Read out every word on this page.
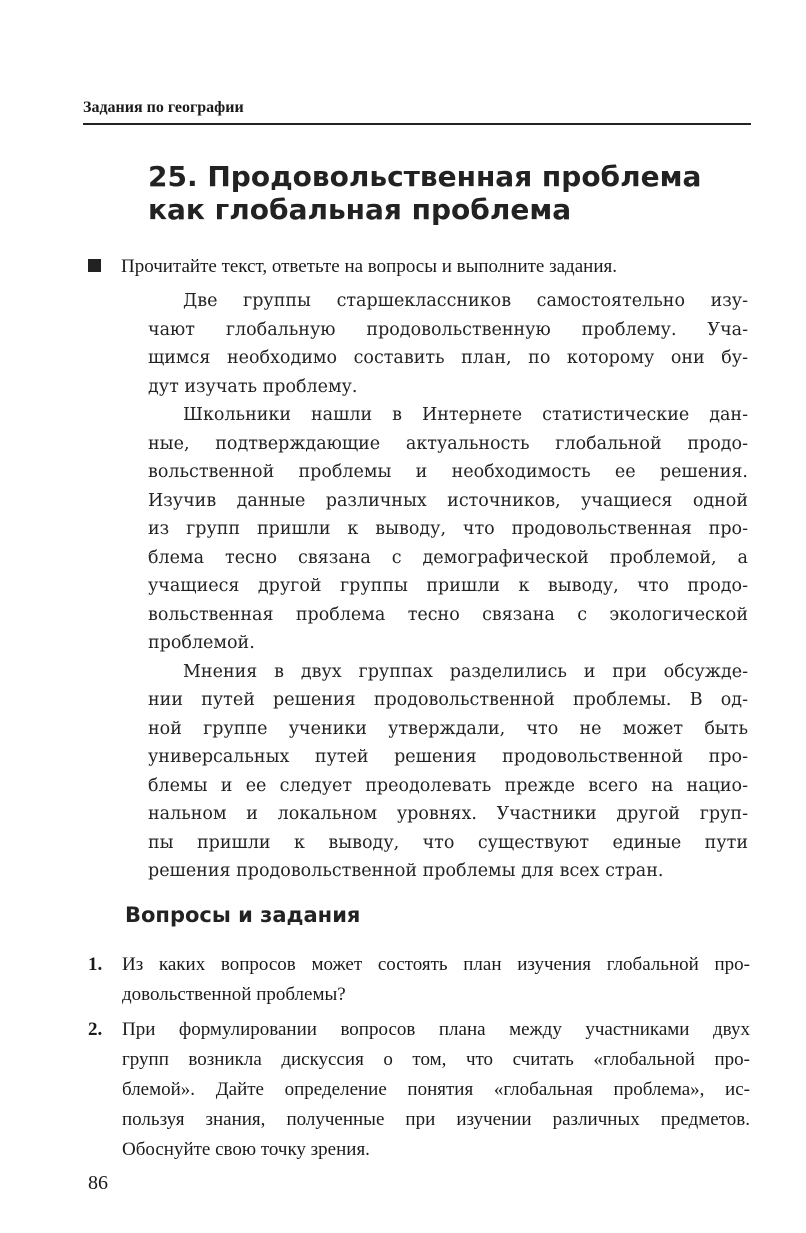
Задания по географии
25. Продовольственная проблема
как глобальная проблема
Прочитайте текст, ответьте на вопросы и выполните задания.
Две группы старшеклассников самостоятельно изу-
чают глобальную продовольственную проблему. Уча-
щимся необходимо составить план, по которому они бу-
дут изучать проблему.
Школьники нашли в Интернете статистические дан-
ные, подтверждающие актуальность глобальной продо-
вольственной проблемы и необходимость ее решения.
Изучив данные различных источников, учащиеся одной
из групп пришли к выводу, что продовольственная про-
блема тесно связана с демографической проблемой, а
учащиеся другой группы пришли к выводу, что продо-
вольственная проблема тесно связана с экологической
проблемой.
Мнения в двух группах разделились и при обсужде-
нии путей решения продовольственной проблемы. В од-
ной группе ученики утверждали, что не может быть
универсальных путей решения продовольственной про-
блемы и ее следует преодолевать прежде всего на нацио-
нальном и локальном уровнях. Участники другой груп-
пы пришли к выводу, что существуют единые пути
решения продовольственной проблемы для всех стран.
Вопросы и задания
1. Из каких вопросов может состоять план изучения глобальной про-
довольственной проблемы?
2. При формулировании вопросов плана между участниками двух
групп возникла дискуссия о том, что считать «глобальной про-
блемой». Дайте определение понятия «глобальная проблема», ис-
пользуя знания, полученные при изучении различных предметов.
Обоснуйте свою точку зрения.
86
